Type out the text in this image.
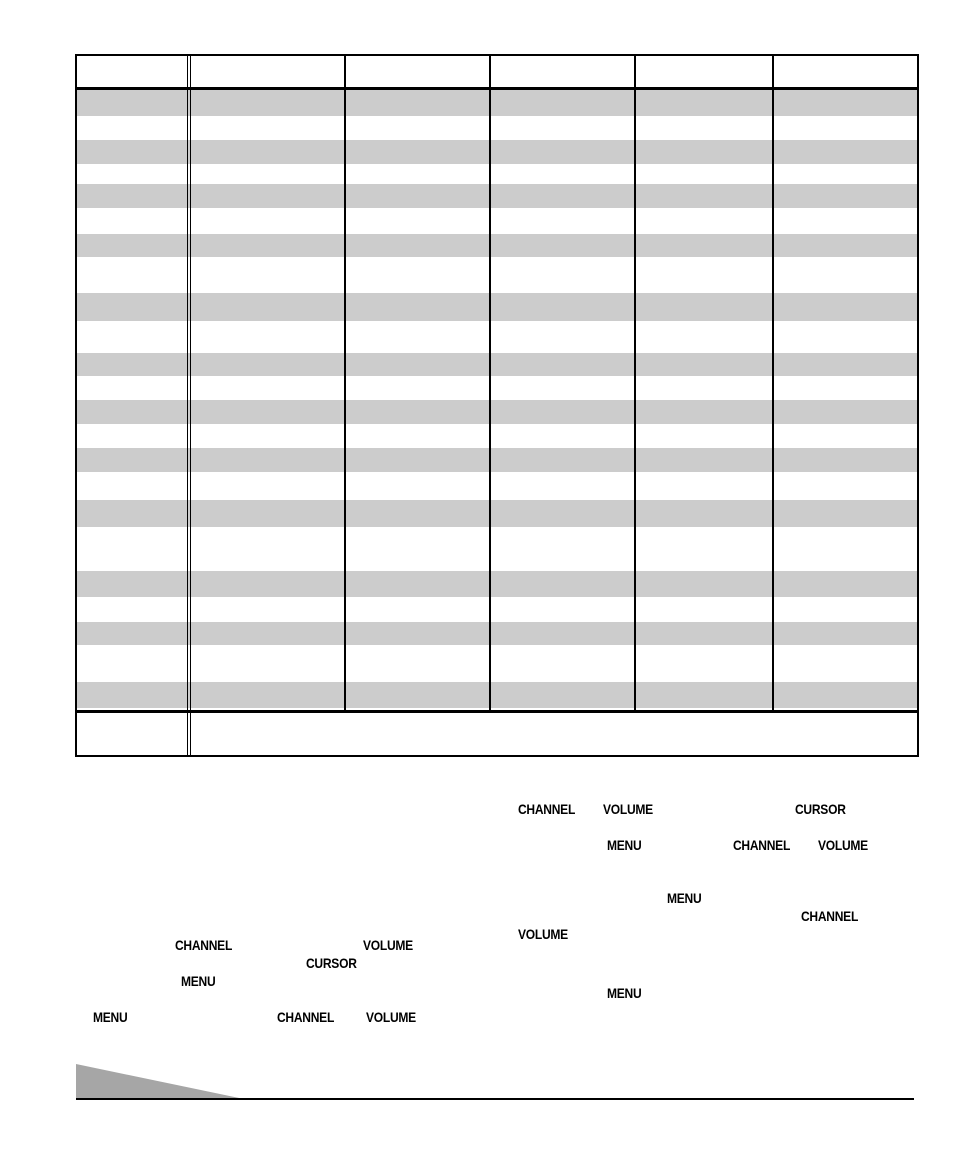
CHANNEL VOLUME	CURSOR
MENU	CHANNEL VOLUME
MENU
CHANNEL
VOLUME
MENU
CHANNEL	VOLUME
CURSOR
MENU
MENU	CHANNEL VOLUME
